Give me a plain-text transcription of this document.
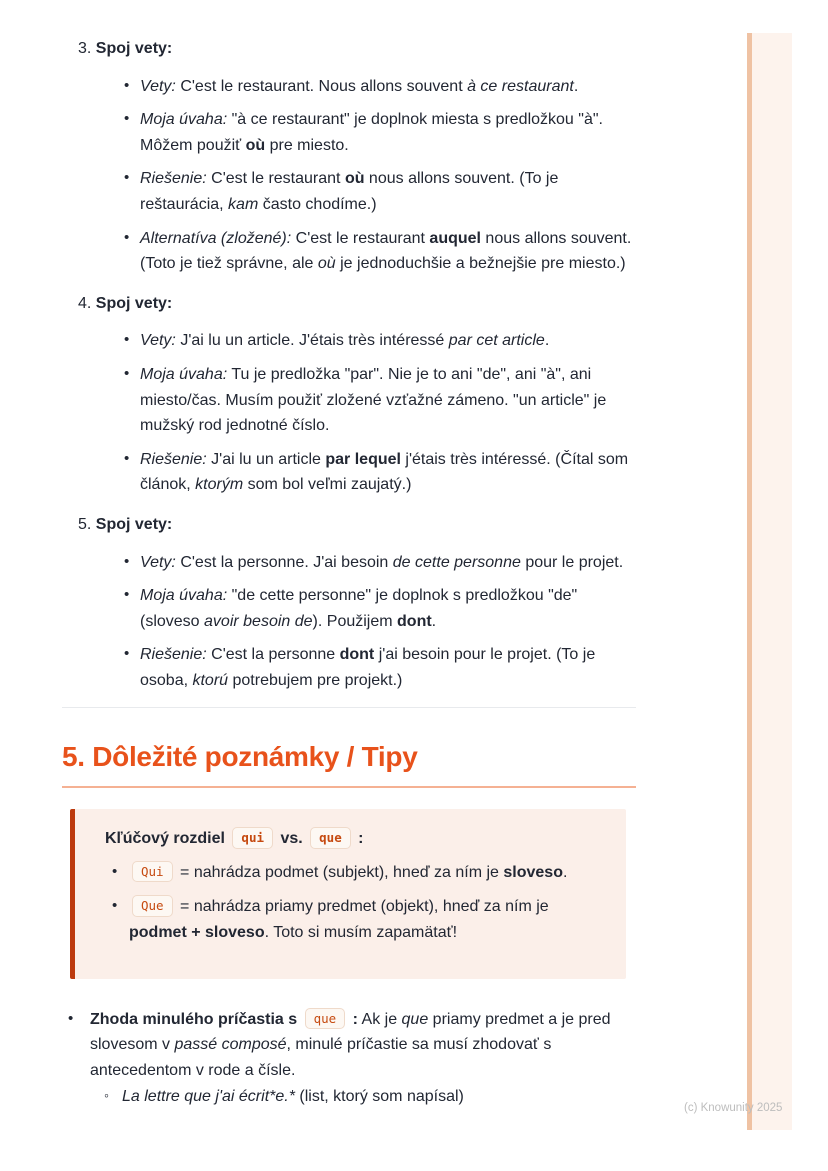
(c) Knowunity 2025
3. Spoj vety:
• Vety: C'est le restaurant. Nous allons souvent à ce restaurant.
• Moja úvaha: "à ce restaurant" je doplnok miesta s predložkou "à". Môžem použiť où pre miesto.
• Riešenie: C'est le restaurant où nous allons souvent. (To je reštaurácia, kam často chodíme.)
• Alternatíva (zložené): C'est le restaurant auquel nous allons souvent. (Toto je tiež správne, ale où je jednoduchšie a bežnejšie pre miesto.)
4. Spoj vety:
• Vety: J'ai lu un article. J'étais très intéressé par cet article.
• Moja úvaha: Tu je predložka "par". Nie je to ani "de", ani "à", ani miesto/čas. Musím použiť zložené vzťažné zámeno. "un article" je mužský rod jednotné číslo.
• Riešenie: J'ai lu un article par lequel j'étais très intéressé. (Čítal som článok, ktorým som bol veľmi zaujatý.)
5. Spoj vety:
• Vety: C'est la personne. J'ai besoin de cette personne pour le projet.
• Moja úvaha: "de cette personne" je doplnok s predložkou "de" (sloveso avoir besoin de). Použijem dont.
• Riešenie: C'est la personne dont j'ai besoin pour le projet. (To je osoba, ktorú potrebujem pre projekt.)
5. Dôležité poznámky / Tipy
Kľúčový rozdiel qui vs. que :
• Qui = nahrádza podmet (subjekt), hneď za ním je sloveso.
• Que = nahrádza priamy predmet (objekt), hneď za ním je podmet + sloveso. Toto si musím zapamätať!
• Zhoda minulého príčastia s que : Ak je que priamy predmet a je pred slovesom v passé composé, minulé príčastie sa musí zhodovať s antecedentom v rode a čísle.
◦ La lettre que j'ai écrit*e.* (list, ktorý som napísal)
